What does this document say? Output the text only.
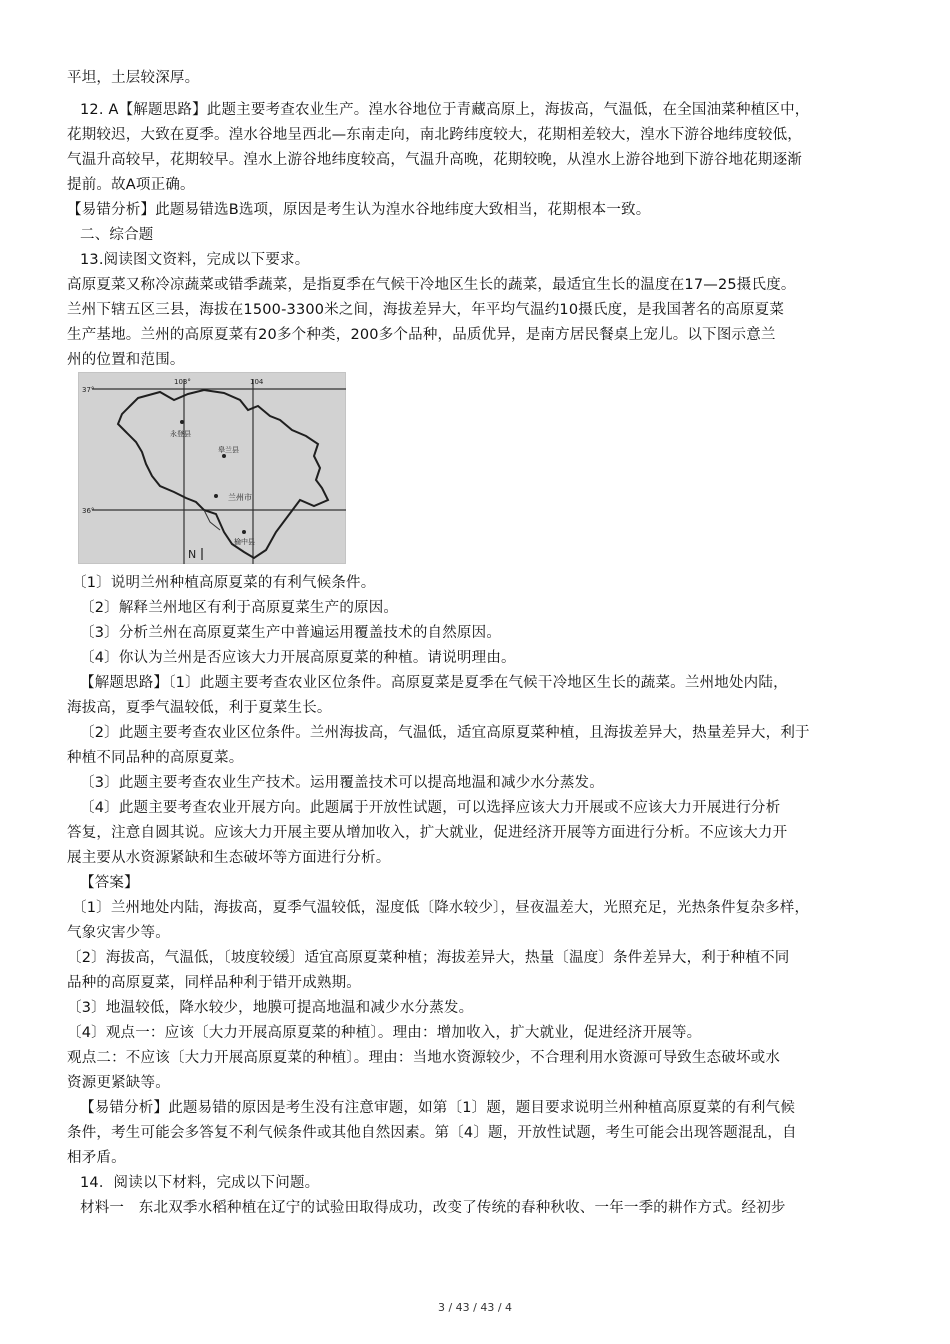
平坦，土层较深厚。
12. A【解题思路】此题主要考查农业生产。湟水谷地位于青藏高原上，海拔高，气温低，在全国油菜种植区中，
花期较迟，大致在夏季。湟水谷地呈西北—东南走向，南北跨纬度较大，花期相差较大，湟水下游谷地纬度较低，
气温升高较早，花期较早。湟水上游谷地纬度较高，气温升高晚，花期较晚，从湟水上游谷地到下游谷地花期逐渐
提前。故A项正确。
【易错分析】此题易错选B选项，原因是考生认为湟水谷地纬度大致相当，花期根本一致。
二、综合题
13.阅读图文资料，完成以下要求。
高原夏菜又称冷凉蔬菜或错季蔬菜，是指夏季在气候干冷地区生长的蔬菜，最适宜生长的温度在17—25摄氏度。
兰州下辖五区三县，海拔在1500-3300米之间，海拔差异大，年平均气温约10摄氏度，是我国著名的高原夏菜
生产基地。兰州的高原夏菜有20多个种类，200多个品种，品质优异，是南方居民餐桌上宠儿。以下图示意兰
州的位置和范围。
103°	104
37°
36°
永登县
皋兰县
兰州市
榆中县
N
〔1〕说明兰州种植高原夏菜的有利气候条件。
〔2〕解释兰州地区有利于高原夏菜生产的原因。
〔3〕分析兰州在高原夏菜生产中普遍运用覆盖技术的自然原因。
〔4〕你认为兰州是否应该大力开展高原夏菜的种植。请说明理由。
【解题思路】〔1〕此题主要考查农业区位条件。高原夏菜是夏季在气候干冷地区生长的蔬菜。兰州地处内陆，
海拔高，夏季气温较低，利于夏菜生长。
〔2〕此题主要考查农业区位条件。兰州海拔高，气温低，适宜高原夏菜种植，且海拔差异大，热量差异大，利于
种植不同品种的高原夏菜。
〔3〕此题主要考查农业生产技术。运用覆盖技术可以提高地温和减少水分蒸发。
〔4〕此题主要考查农业开展方向。此题属于开放性试题，可以选择应该大力开展或不应该大力开展进行分析
答复，注意自圆其说。应该大力开展主要从增加收入，扩大就业，促进经济开展等方面进行分析。不应该大力开
展主要从水资源紧缺和生态破坏等方面进行分析。
【答案】
〔1〕兰州地处内陆，海拔高，夏季气温较低，湿度低〔降水较少〕，昼夜温差大，光照充足，光热条件复杂多样，
气象灾害少等。
〔2〕海拔高，气温低，〔坡度较缓〕适宜高原夏菜种植；海拔差异大，热量〔温度〕条件差异大，利于种植不同
品种的高原夏菜，同样品种利于错开成熟期。
〔3〕地温较低，降水较少，地膜可提高地温和减少水分蒸发。
〔4〕观点一：应该〔大力开展高原夏菜的种植〕。理由：增加收入，扩大就业，促进经济开展等。
观点二：不应该〔大力开展高原夏菜的种植〕。理由：当地水资源较少，不合理利用水资源可导致生态破坏或水
资源更紧缺等。
【易错分析】此题易错的原因是考生没有注意审题，如第〔1〕题，题目要求说明兰州种植高原夏菜的有利气候
条件，考生可能会多答复不利气候条件或其他自然因素。第〔4〕题，开放性试题，考生可能会出现答题混乱，自
相矛盾。
14．阅读以下材料，完成以下问题。
材料一　东北双季水稻种植在辽宁的试验田取得成功，改变了传统的春种秋收、一年一季的耕作方式。经初步
3 / 43 / 43 / 4
